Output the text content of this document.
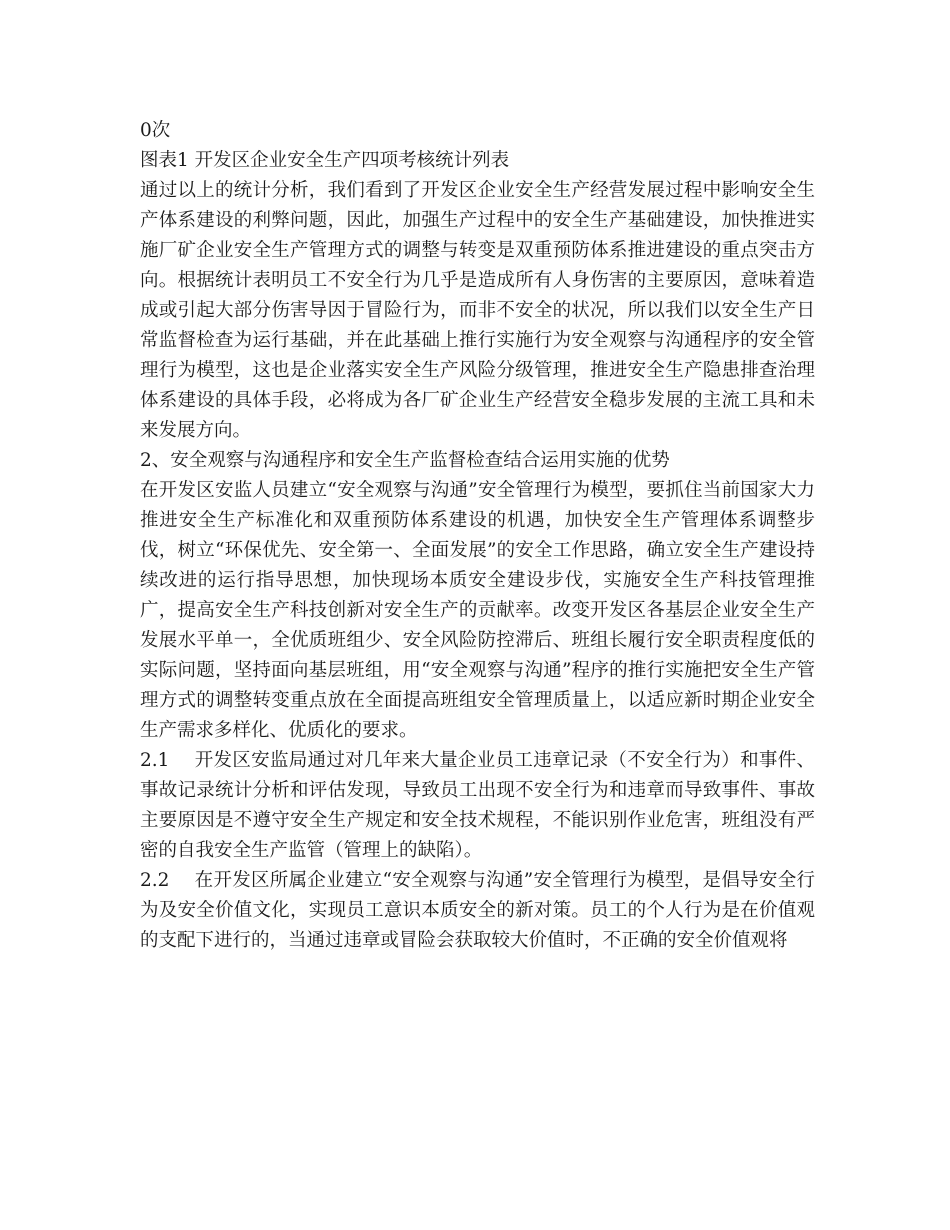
0次

图表1 开发区企业安全生产四项考核统计列表

通过以上的统计分析，我们看到了开发区企业安全生产经营发展过程中影响安全生产体系建设的利弊问题，因此，加强生产过程中的安全生产基础建设，加快推进实施厂矿企业安全生产管理方式的调整与转变是双重预防体系推进建设的重点突击方向。根据统计表明员工不安全行为几乎是造成所有人身伤害的主要原因，意味着造成或引起大部分伤害导因于冒险行为，而非不安全的状况，所以我们以安全生产日常监督检查为运行基础，并在此基础上推行实施行为安全观察与沟通程序的安全管理行为模型，这也是企业落实安全生产风险分级管理，推进安全生产隐患排查治理体系建设的具体手段，必将成为各厂矿企业生产经营安全稳步发展的主流工具和未来发展方向。

2、安全观察与沟通程序和安全生产监督检查结合运用实施的优势

在开发区安监人员建立“安全观察与沟通”安全管理行为模型，要抓住当前国家大力推进安全生产标准化和双重预防体系建设的机遇，加快安全生产管理体系调整步伐，树立“环保优先、安全第一、全面发展”的安全工作思路，确立安全生产建设持续改进的运行指导思想，加快现场本质安全建设步伐，实施安全生产科技管理推广，提高安全生产科技创新对安全生产的贡献率。改变开发区各基层企业安全生产发展水平单一，全优质班组少、安全风险防控滞后、班组长履行安全职责程度低的实际问题，坚持面向基层班组，用“安全观察与沟通”程序的推行实施把安全生产管理方式的调整转变重点放在全面提高班组安全管理质量上，以适应新时期企业安全生产需求多样化、优质化的要求。

2.1　 开发区安监局通过对几年来大量企业员工违章记录（不安全行为）和事件、事故记录统计分析和评估发现，导致员工出现不安全行为和违章而导致事件、事故主要原因是不遵守安全生产规定和安全技术规程，不能识别作业危害，班组没有严密的自我安全生产监管（管理上的缺陷）。

2.2　 在开发区所属企业建立“安全观察与沟通”安全管理行为模型，是倡导安全行为及安全价值文化，实现员工意识本质安全的新对策。员工的个人行为是在价值观的支配下进行的，当通过违章或冒险会获取较大价值时，不正确的安全价值观将
